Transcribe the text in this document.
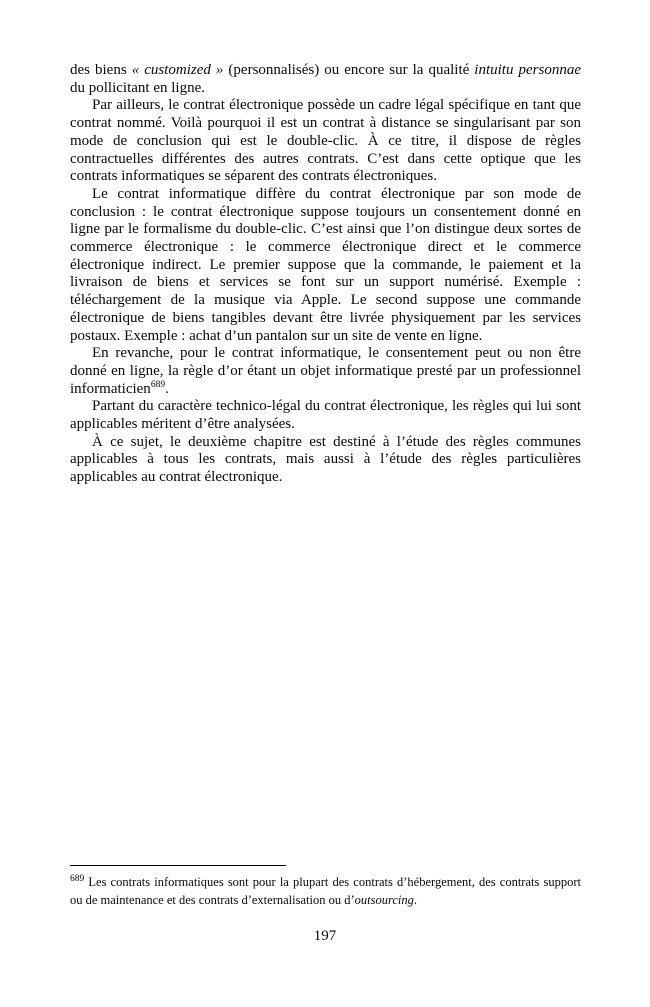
des biens « customized » (personnalisés) ou encore sur la qualité intuitu personnae du pollicitant en ligne.

Par ailleurs, le contrat électronique possède un cadre légal spécifique en tant que contrat nommé. Voilà pourquoi il est un contrat à distance se singularisant par son mode de conclusion qui est le double-clic. À ce titre, il dispose de règles contractuelles différentes des autres contrats. C’est dans cette optique que les contrats informatiques se séparent des contrats électroniques.

Le contrat informatique diffère du contrat électronique par son mode de conclusion : le contrat électronique suppose toujours un consentement donné en ligne par le formalisme du double-clic. C’est ainsi que l’on distingue deux sortes de commerce électronique : le commerce électronique direct et le commerce électronique indirect. Le premier suppose que la commande, le paiement et la livraison de biens et services se font sur un support numérisé. Exemple : téléchargement de la musique via Apple. Le second suppose une commande électronique de biens tangibles devant être livrée physiquement par les services postaux. Exemple : achat d’un pantalon sur un site de vente en ligne.

En revanche, pour le contrat informatique, le consentement peut ou non être donné en ligne, la règle d’or étant un objet informatique presté par un professionnel informaticien$^{689}$.

Partant du caractère technico-légal du contrat électronique, les règles qui lui sont applicables méritent d’être analysées.

À ce sujet, le deuxième chapitre est destiné à l’étude des règles communes applicables à tous les contrats, mais aussi à l’étude des règles particulières applicables au contrat électronique.

$^{689}$ Les contrats informatiques sont pour la plupart des contrats d’hébergement, des contrats support ou de maintenance et des contrats d’externalisation ou d’outsourcing.
197
